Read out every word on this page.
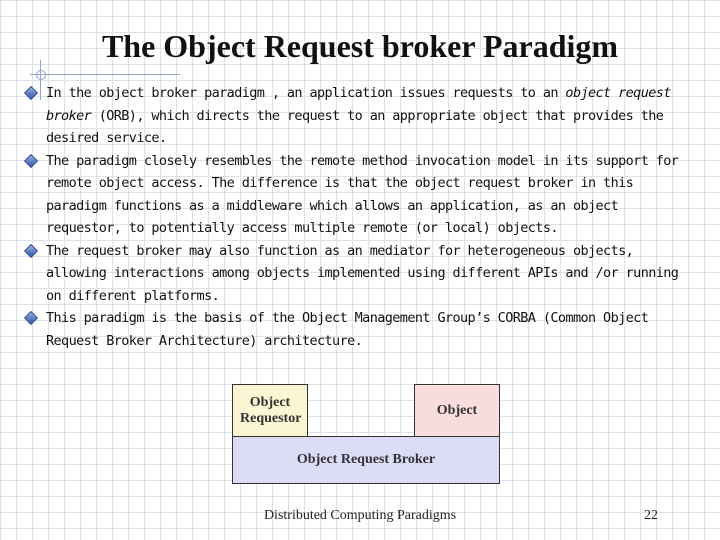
The Object Request broker Paradigm
In the object broker paradigm , an application issues requests to an object request broker (ORB), which directs the request to an appropriate object that provides the desired service.
The paradigm closely resembles the remote method invocation model in its support for remote object access. The difference is that the object request broker in this paradigm functions as a middleware which allows an application, as an object requestor, to potentially access multiple remote (or local) objects.
The request broker may also function as an mediator for heterogeneous objects, allowing interactions among objects implemented using different APIs and /or running on different platforms.
This paradigm is the basis of the Object Management Group’s CORBA (Common Object Request Broker Architecture) architecture.
Object Requestor
Object
Object Request Broker
Distributed Computing Paradigms	22
